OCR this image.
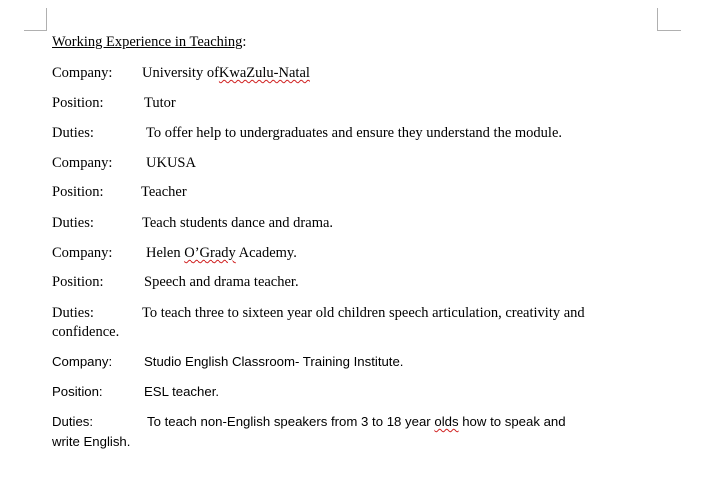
Working Experience in Teaching:
Company: University ofKwaZulu-Natal
Position:	Tutor
Duties:	To offer help to undergraduates and ensure they understand the module.
Company: UKUSA
Position:	Teacher
Duties:	Teach students dance and drama.
Company: Helen O’Grady Academy.
Position:	Speech and drama teacher.
Duties:	To teach three to sixteen year old children speech articulation, creativity and
confidence.
Company: Studio English Classroom- Training Institute.
Position:	ESL teacher.
Duties:	To teach non-English speakers from 3 to 18 year olds how to speak and
write English.
